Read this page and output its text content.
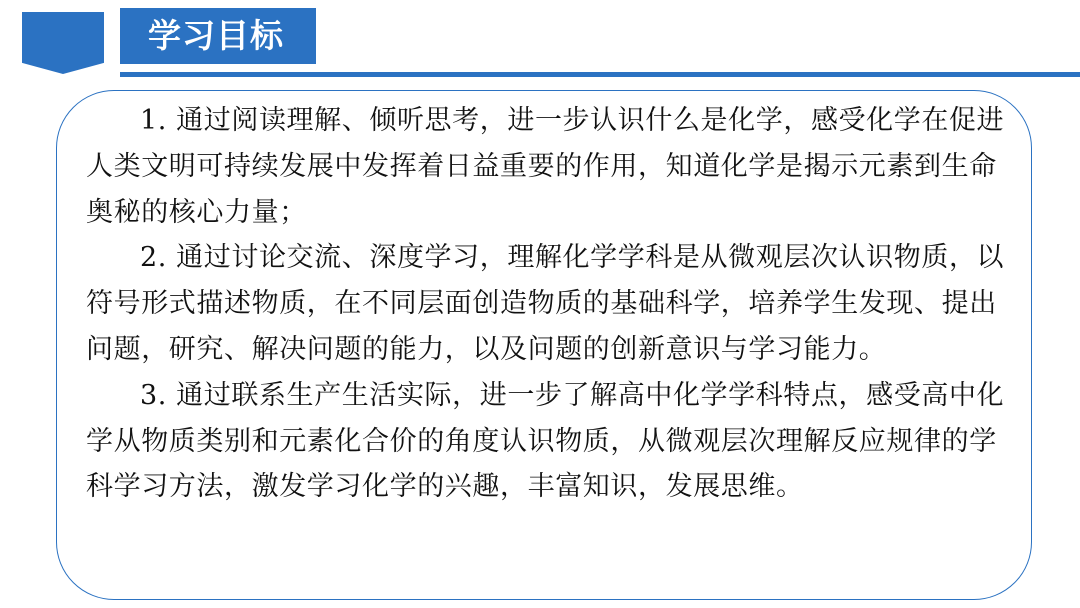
学习目标

1. 通过阅读理解、倾听思考，进一步认识什么是化学，感受化学在促进人类文明可持续发展中发挥着日益重要的作用，知道化学是揭示元素到生命奥秘的核心力量；

2. 通过讨论交流、深度学习，理解化学学科是从微观层次认识物质，以符号形式描述物质，在不同层面创造物质的基础科学，培养学生发现、提出问题，研究、解决问题的能力，以及问题的创新意识与学习能力。

3. 通过联系生产生活实际，进一步了解高中化学学科特点，感受高中化学从物质类别和元素化合价的角度认识物质，从微观层次理解反应规律的学科学习方法，激发学习化学的兴趣，丰富知识，发展思维。
